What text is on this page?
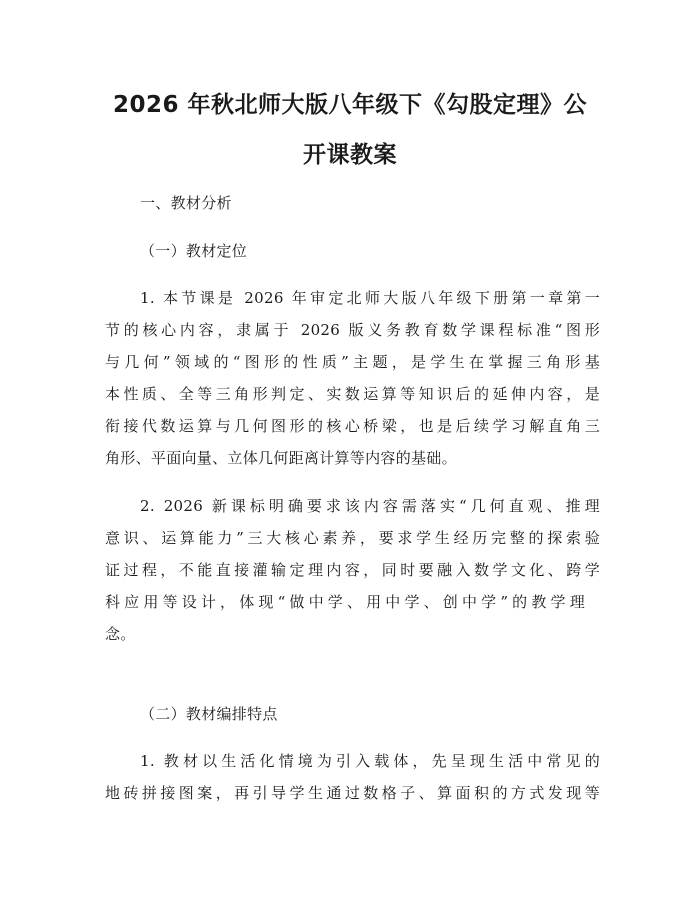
2026 年秋北师大版八年级下《勾股定理》公
开课教案
一、教材分析
（一）教材定位
1. 本节课是 2026 年审定北师大版八年级下册第一章第一
节的核心内容，隶属于 2026 版义务教育数学课程标准“图形
与几何”领域的“图形的性质”主题，是学生在掌握三角形基
本性质、全等三角形判定、实数运算等知识后的延伸内容，是
衔接代数运算与几何图形的核心桥梁，也是后续学习解直角三
角形、平面向量、立体几何距离计算等内容的基础。
2. 2026 新课标明确要求该内容需落实“几何直观、推理
意识、运算能力”三大核心素养，要求学生经历完整的探索验
证过程，不能直接灌输定理内容，同时要融入数学文化、跨学
科应用等设计，体现“做中学、用中学、创中学”的教学理
念。
（二）教材编排特点
1. 教材以生活化情境为引入载体，先呈现生活中常见的
地砖拼接图案，再引导学生通过数格子、算面积的方式发现等
